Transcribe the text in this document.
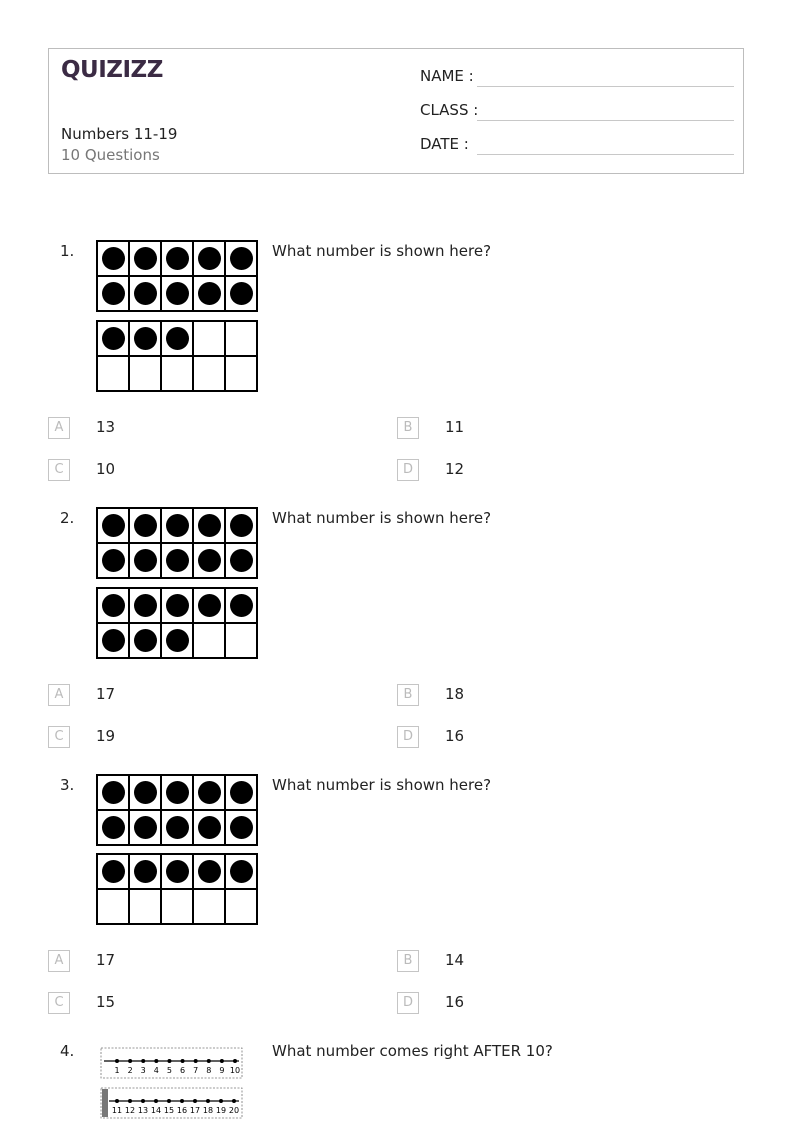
QUIZIZZ
Numbers 11-19
10 Questions
NAME :
CLASS :
DATE :
1.	What number is shown here?

A	13	B	11
C	10	D	12
2.	What number is shown here?

A	17	B	18
C	19	D	16
3.	What number is shown here?

A	17	B	14
C	15	D	16
4.	What number comes right AFTER 10?
1 2 3 4 5 6 7 8 9 10
11 12 13 14 15 16 17 18 19 20
